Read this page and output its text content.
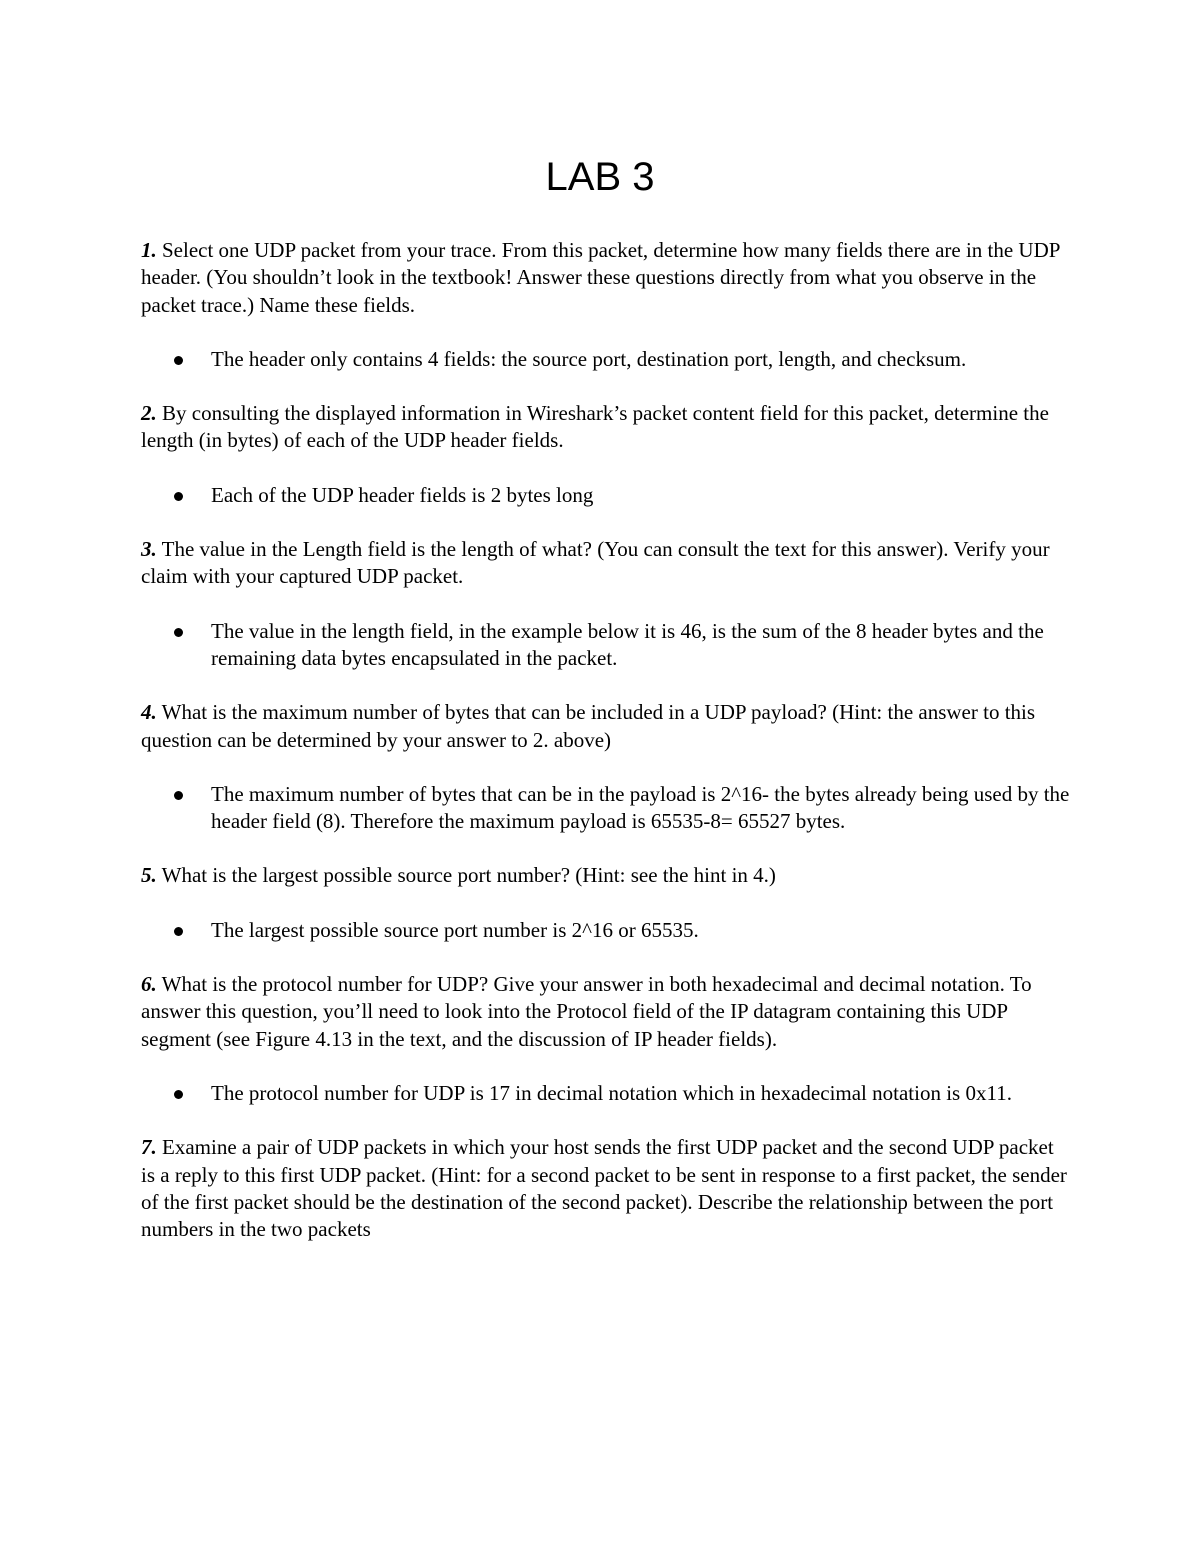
LAB 3

1. Select one UDP packet from your trace. From this packet, determine how many fields there are in the UDP header. (You shouldn’t look in the textbook! Answer these questions directly from what you observe in the packet trace.) Name these fields.

The header only contains 4 fields: the source port, destination port, length, and checksum.

2. By consulting the displayed information in Wireshark’s packet content field for this packet, determine the length (in bytes) of each of the UDP header fields.

Each of the UDP header fields is 2 bytes long

3. The value in the Length field is the length of what? (You can consult the text for this answer). Verify your claim with your captured UDP packet.

The value in the length field, in the example below it is 46, is the sum of the 8 header bytes and the remaining data bytes encapsulated in the packet.

4. What is the maximum number of bytes that can be included in a UDP payload? (Hint: the answer to this question can be determined by your answer to 2. above)

The maximum number of bytes that can be in the payload is 2^16- the bytes already being used by the header field (8). Therefore the maximum payload is 65535-8= 65527 bytes.

5. What is the largest possible source port number? (Hint: see the hint in 4.)

The largest possible source port number is 2^16 or 65535.

6. What is the protocol number for UDP? Give your answer in both hexadecimal and decimal notation. To answer this question, you’ll need to look into the Protocol field of the IP datagram containing this UDP segment (see Figure 4.13 in the text, and the discussion of IP header fields).

The protocol number for UDP is 17 in decimal notation which in hexadecimal notation is 0x11.

7. Examine a pair of UDP packets in which your host sends the first UDP packet and the second UDP packet is a reply to this first UDP packet. (Hint: for a second packet to be sent in response to a first packet, the sender of the first packet should be the destination of the second packet). Describe the relationship between the port numbers in the two packets
